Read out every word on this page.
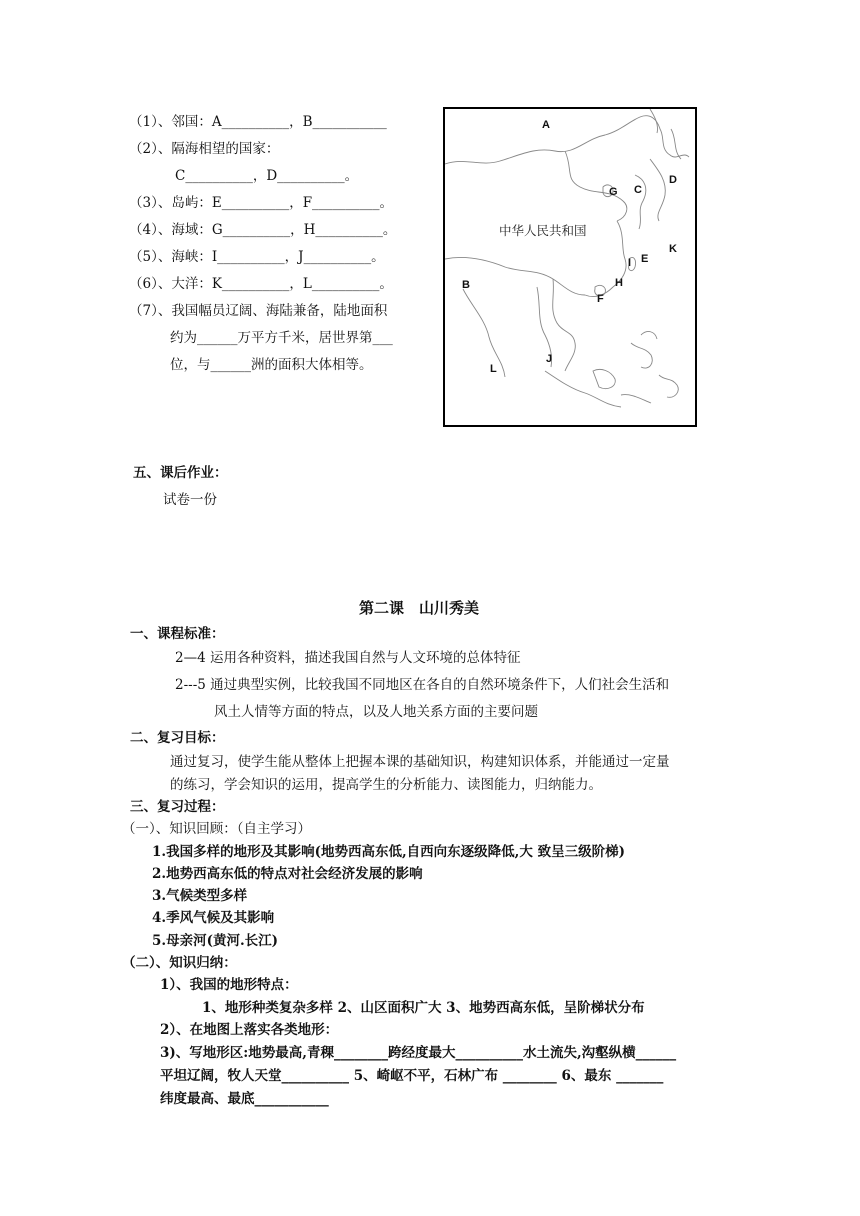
（1）、邻国：A__________，B___________
（2）、隔海相望的国家：
C__________，D__________。
（3）、岛屿：E__________，F__________。
（4）、海域：G__________，H__________。
（5）、海峡：I__________，J__________。
（6）、大洋：K__________，L__________。
（7）、我国幅员辽阔、海陆兼备，陆地面积
约为______万平方千米，居世界第___
位，与______洲的面积大体相等。
A
B
C
D
E
F
G
H
I
J
K
L
中华人民共和国
五、课后作业：
试卷一份
第二课　山川秀美
一、课程标准：
2—4 运用各种资料，描述我国自然与人文环境的总体特征
2---5 通过典型实例，比较我国不同地区在各自的自然环境条件下，人们社会生活和
风土人情等方面的特点，以及人地关系方面的主要问题
二、复习目标：
通过复习，使学生能从整体上把握本课的基础知识，构建知识体系，并能通过一定量
的练习，学会知识的运用，提高学生的分析能力、读图能力，归纳能力。
三、复习过程：
（一）、知识回顾：（自主学习）
1.我国多样的地形及其影响(地势西高东低,自西向东逐级降低,大 致呈三级阶梯)
2.地势西高东低的特点对社会经济发展的影响
3.气候类型多样
4.季风气候及其影响
5.母亲河(黄河.长江)
（二）、知识归纳：
1）、我国的地形特点：
1、地形种类复杂多样 2、山区面积广大 3、地势西高东低，呈阶梯状分布
2）、在地图上落实各类地形：
3)、写地形区:地势最高,青稞________跨经度最大__________水土流失,沟壑纵横______
平坦辽阔，牧人天堂__________ 5、崎岖不平，石林广布 ________ 6、最东 _______
纬度最高、最底___________
